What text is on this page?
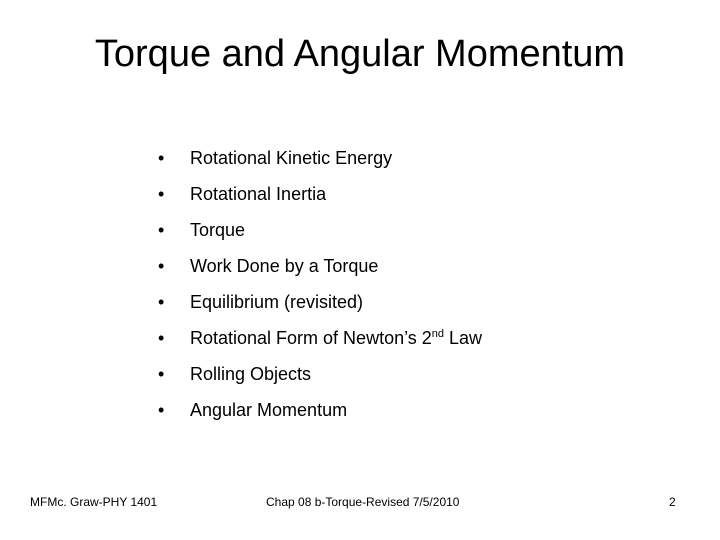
Torque and Angular Momentum
•	Rotational Kinetic Energy
•	Rotational Inertia
•	Torque
•	Work Done by a Torque
•	Equilibrium (revisited)
•	Rotational Form of Newton’s 2nd Law
•	Rolling Objects
•	Angular Momentum
MFMc. Graw-PHY 1401	Chap 08 b-Torque-Revised 7/5/2010	2
